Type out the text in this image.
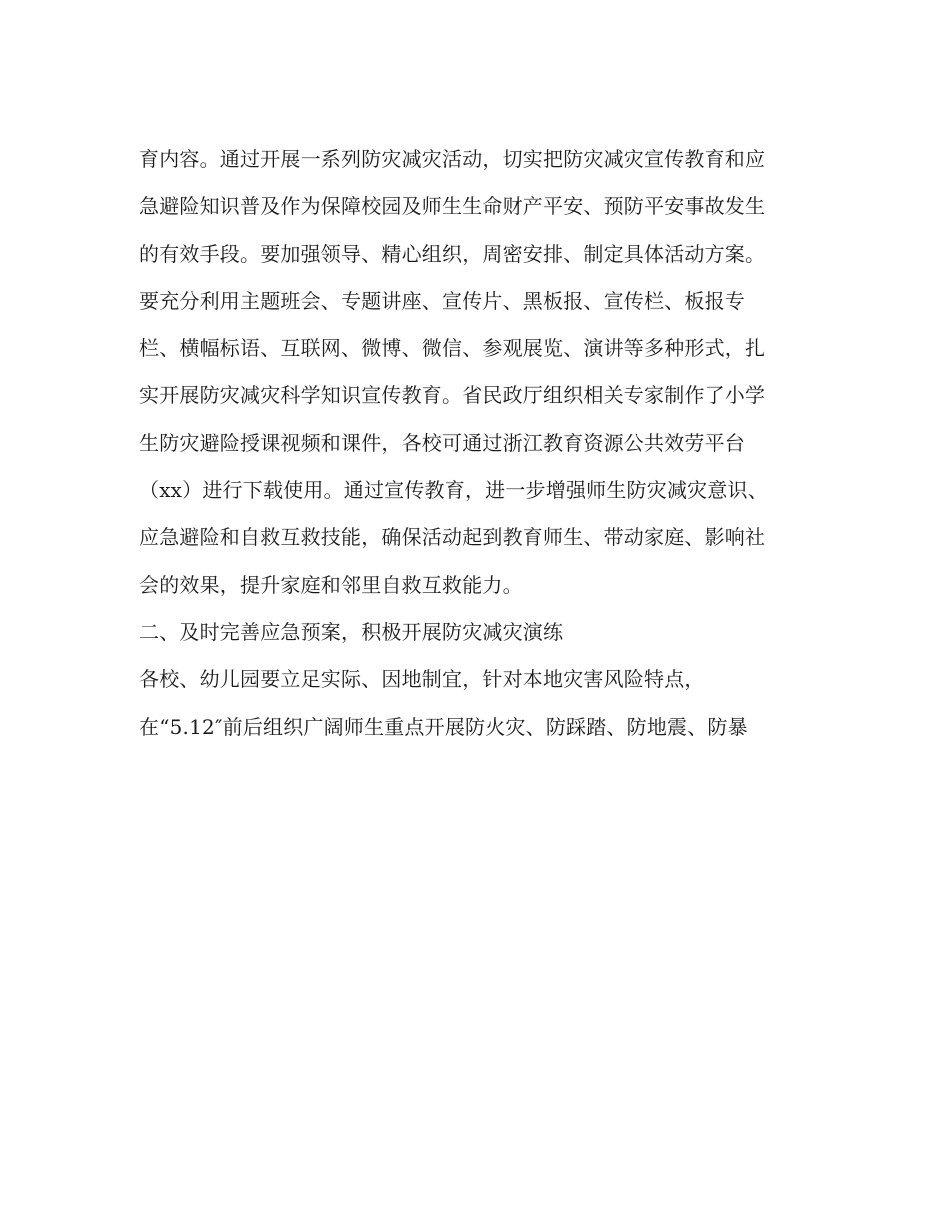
育内容。通过开展一系列防灾减灾活动，切实把防灾减灾宣传教育和应
急避险知识普及作为保障校园及师生生命财产平安、预防平安事故发生
的有效手段。要加强领导、精心组织，周密安排、制定具体活动方案。
要充分利用主题班会、专题讲座、宣传片、黑板报、宣传栏、板报专
栏、横幅标语、互联网、微博、微信、参观展览、演讲等多种形式，扎
实开展防灾减灾科学知识宣传教育。省民政厅组织相关专家制作了小学
生防灾避险授课视频和课件，各校可通过浙江教育资源公共效劳平台
（xx）进行下载使用。通过宣传教育，进一步增强师生防灾减灾意识、
应急避险和自救互救技能，确保活动起到教育师生、带动家庭、影响社
会的效果，提升家庭和邻里自救互救能力。
二、及时完善应急预案，积极开展防灾减灾演练
各校、幼儿园要立足实际、因地制宜，针对本地灾害风险特点，
在“5.12″前后组织广阔师生重点开展防火灾、防踩踏、防地震、防暴
